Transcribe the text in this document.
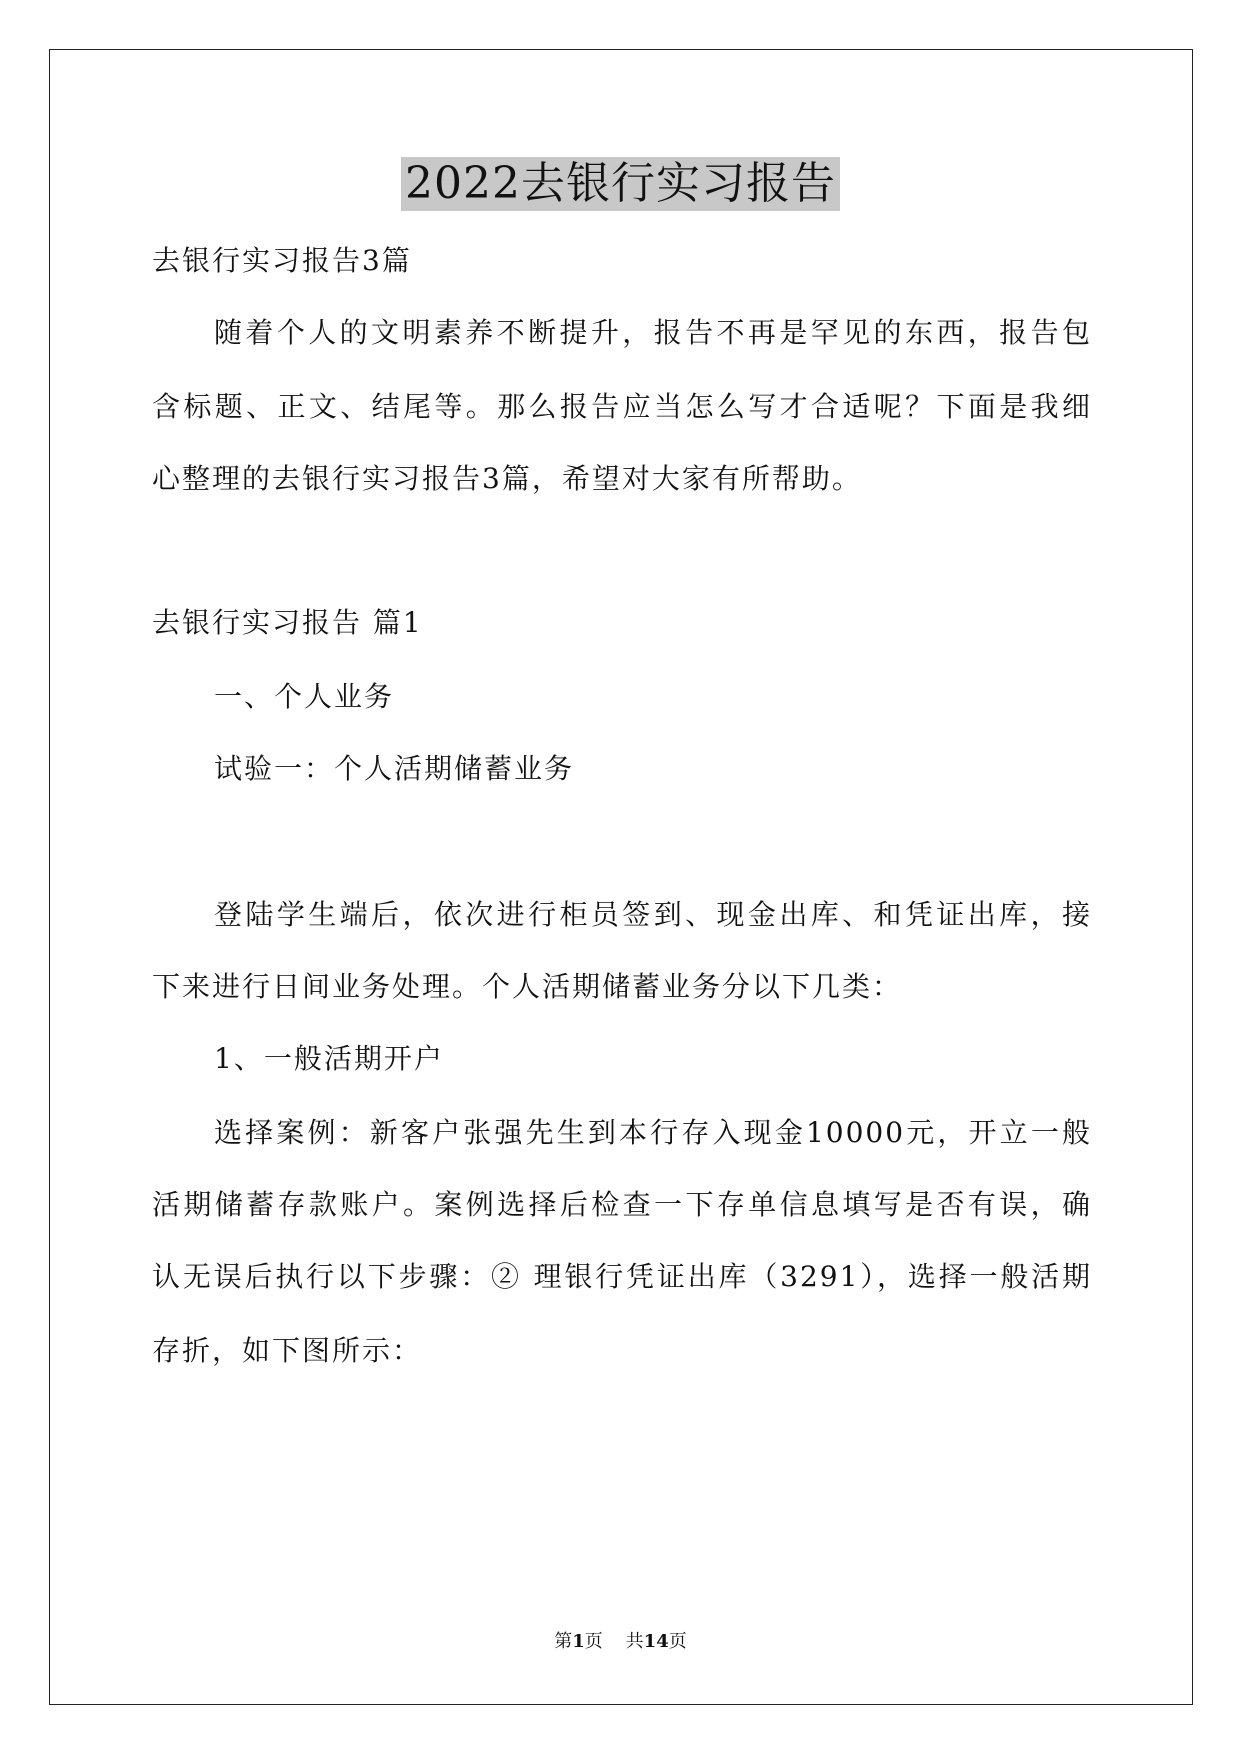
2022去银行实习报告
去银行实习报告3篇
随着个人的文明素养不断提升，报告不再是罕见的东西，报告包
含标题、正文、结尾等。那么报告应当怎么写才合适呢？下面是我细
心整理的去银行实习报告3篇，希望对大家有所帮助。
去银行实习报告 篇1
一、个人业务
试验一：个人活期储蓄业务
登陆学生端后，依次进行柜员签到、现金出库、和凭证出库，接
下来进行日间业务处理。个人活期储蓄业务分以下几类：
1、一般活期开户
选择案例：新客户张强先生到本行存入现金10000元，开立一般
活期储蓄存款账户。案例选择后检查一下存单信息填写是否有误，确
认无误后执行以下步骤：② 理银行凭证出库（3291），选择一般活期
存折，如下图所示：
第1页    共14页
